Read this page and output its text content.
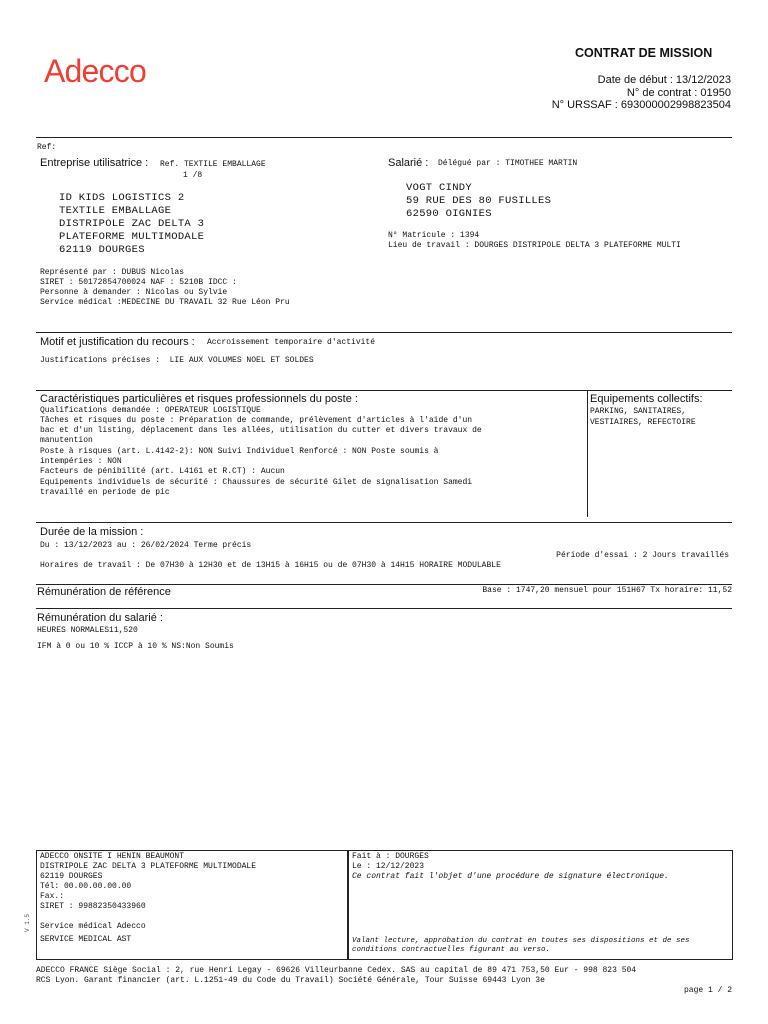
Adecco	CONTRAT DE MISSION
Date de début : 13/12/2023
N° de contrat : 01950
N° URSSAF : 693000002998823504
Ref:
Entreprise utilisatrice : Ref. TEXTILE EMBALLAGE
1 /8
ID KIDS LOGISTICS 2
TEXTILE EMBALLAGE
DISTRIPOLE ZAC DELTA 3
PLATEFORME MULTIMODALE
62119 DOURGES
Représenté par : DUBUS Nicolas
SIRET : 50172854700024 NAF : 5210B IDCC :
Personne à demander : Nicolas ou Sylvie
Service médical :MEDECINE DU TRAVAIL 32 Rue Léon Pru
Salarié : Délégué par : TIMOTHEE MARTIN
VOGT CINDY
59 RUE DES 80 FUSILLES
62590 OIGNIES
N° Matricule : 1394
Lieu de travail : DOURGES DISTRIPOLE DELTA 3 PLATEFORME MULTI
Motif et justification du recours : Accroissement temporaire d'activité
Justifications précises :  LIE AUX VOLUMES NOEL ET SOLDES
Caractéristiques particulières et risques professionnels du poste :
Qualifications demandée : OPERATEUR LOGISTIQUE
Tâches et risques du poste : Préparation de commande, prélèvement d'articles à l'aide d'un
bac et d'un listing, déplacement dans les allées, utilisation du cutter et divers travaux de
manutention
Poste à risques (art. L.4142-2): NON Suivi Individuel Renforcé : NON Poste soumis à
intempéries : NON
Facteurs de pénibilité (art. L4161 et R.CT) : Aucun
Equipements individuels de sécurité : Chaussures de sécurité Gilet de signalisation Samedi
travaillé en periode de pic
Equipements collectifs:
PARKING, SANITAIRES,
VESTIAIRES, REFECTOIRE
Durée de la mission :
Du : 13/12/2023 au : 26/02/2024 Terme précis
Période d'essai : 2 Jours travaillés
Horaires de travail : De 07H30 à 12H30 et de 13H15 à 16H15 ou de 07H30 à 14H15 HORAIRE MODULABLE
Rémunération de référence	Base : 1747,20 mensuel pour 151H67 Tx horaire: 11,52
Rémunération du salarié :
HEURES NORMALES11,520
IFM à 0 ou 10 % ICCP à 10 % NS:Non Soumis
ADECCO ONSITE I HENIN BEAUMONT
DISTRIPOLE ZAC DELTA 3 PLATEFORME MULTIMODALE
62119 DOURGES
Tél: 00.00.00.00.00
Fax.:
SIRET : 99882350433960
Service médical Adecco
SERVICE MEDICAL AST
V 1.5
Fait à : DOURGES
Le : 12/12/2023
Ce contrat fait l'objet d'une procédure de signature électronique.
Valant lecture, approbation du contrat en toutes ses dispositions et de ses
conditions contractuelles figurant au verso.
ADECCO FRANCE Siège Social : 2, rue Henri Legay - 69626 Villeurbanne Cedex. SAS au capital de 89 471 753,50 Eur - 998 823 504
RCS Lyon. Garant financier (art. L.1251-49 du Code du Travail) Société Générale, Tour Suisse 69443 Lyon 3e
page 1 / 2
